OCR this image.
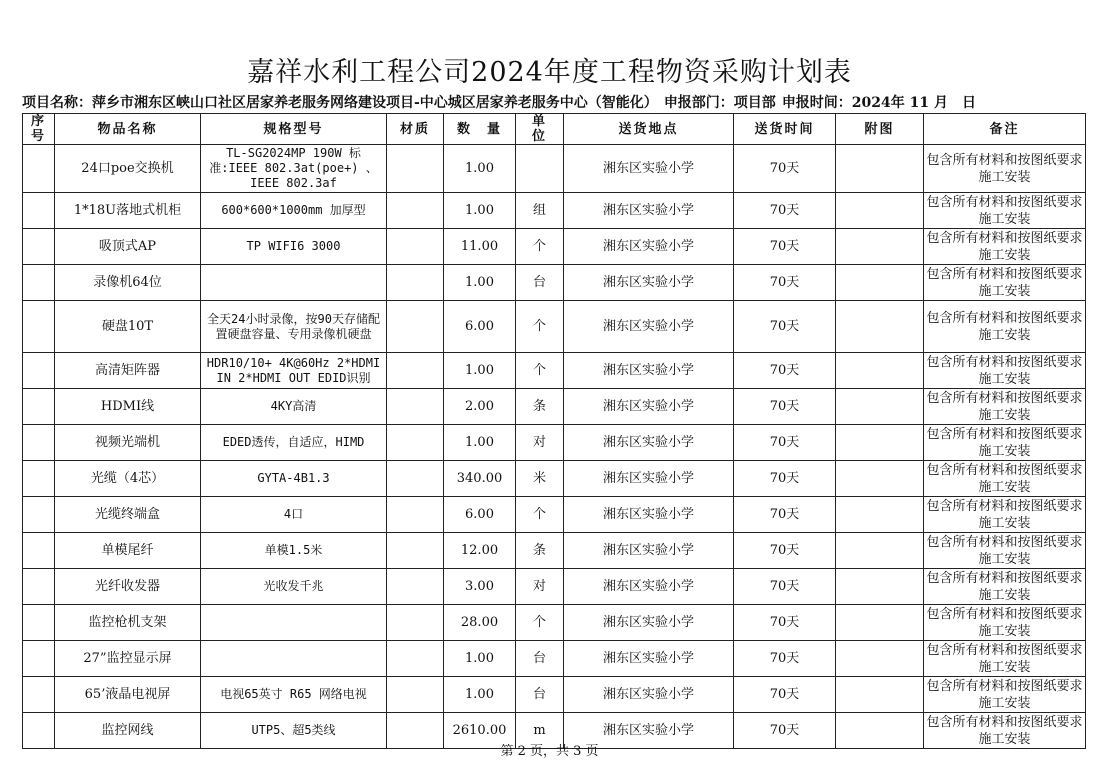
嘉祥水利工程公司2024年度工程物资采购计划表
项目名称：萍乡市湘东区峡山口社区居家养老服务网络建设项目-中心城区居家养老服务中心（智能化） 申报部门：项目部 申报时间：2024年 11 月　日
序号	物品名称	规格型号	材质	数　量	单　位	送货地点	送货时间	附图	备注
	24口poe交换机	TL-SG2024MP 190W 标准:IEEE 802.3at(poe+) 、IEEE 802.3af		1.00		湘东区实验小学	70天		包含所有材料和按图纸要求施工安装
	1*18U落地式机柜	600*600*1000mm 加厚型		1.00	组	湘东区实验小学	70天		包含所有材料和按图纸要求施工安装
	吸顶式AP	TP WIFI6 3000		11.00	个	湘东区实验小学	70天		包含所有材料和按图纸要求施工安装
	录像机64位			1.00	台	湘东区实验小学	70天		包含所有材料和按图纸要求施工安装
	硬盘10T	全天24小时录像，按90天存储配置硬盘容量、专用录像机硬盘		6.00	个	湘东区实验小学	70天		包含所有材料和按图纸要求施工安装
	高清矩阵器	HDR10/10+ 4K@60Hz 2*HDMI IN 2*HDMI OUT EDID识别		1.00	个	湘东区实验小学	70天		包含所有材料和按图纸要求施工安装
	HDMI线	4KY高清		2.00	条	湘东区实验小学	70天		包含所有材料和按图纸要求施工安装
	视频光端机	EDED透传，自适应，HIMD		1.00	对	湘东区实验小学	70天		包含所有材料和按图纸要求施工安装
	光缆（4芯）	GYTA-4B1.3		340.00	米	湘东区实验小学	70天		包含所有材料和按图纸要求施工安装
	光缆终端盒	4口		6.00	个	湘东区实验小学	70天		包含所有材料和按图纸要求施工安装
	单模尾纤	单模1.5米		12.00	条	湘东区实验小学	70天		包含所有材料和按图纸要求施工安装
	光纤收发器	光收发千兆		3.00	对	湘东区实验小学	70天		包含所有材料和按图纸要求施工安装
	监控枪机支架			28.00	个	湘东区实验小学	70天		包含所有材料和按图纸要求施工安装
	27”监控显示屏			1.00	台	湘东区实验小学	70天		包含所有材料和按图纸要求施工安装
	65’液晶电视屏	电视65英寸 R65 网络电视		1.00	台	湘东区实验小学	70天		包含所有材料和按图纸要求施工安装
	监控网线	UTP5、超5类线		2610.00	m	湘东区实验小学	70天		包含所有材料和按图纸要求施工安装
第 2 页，共 3 页
